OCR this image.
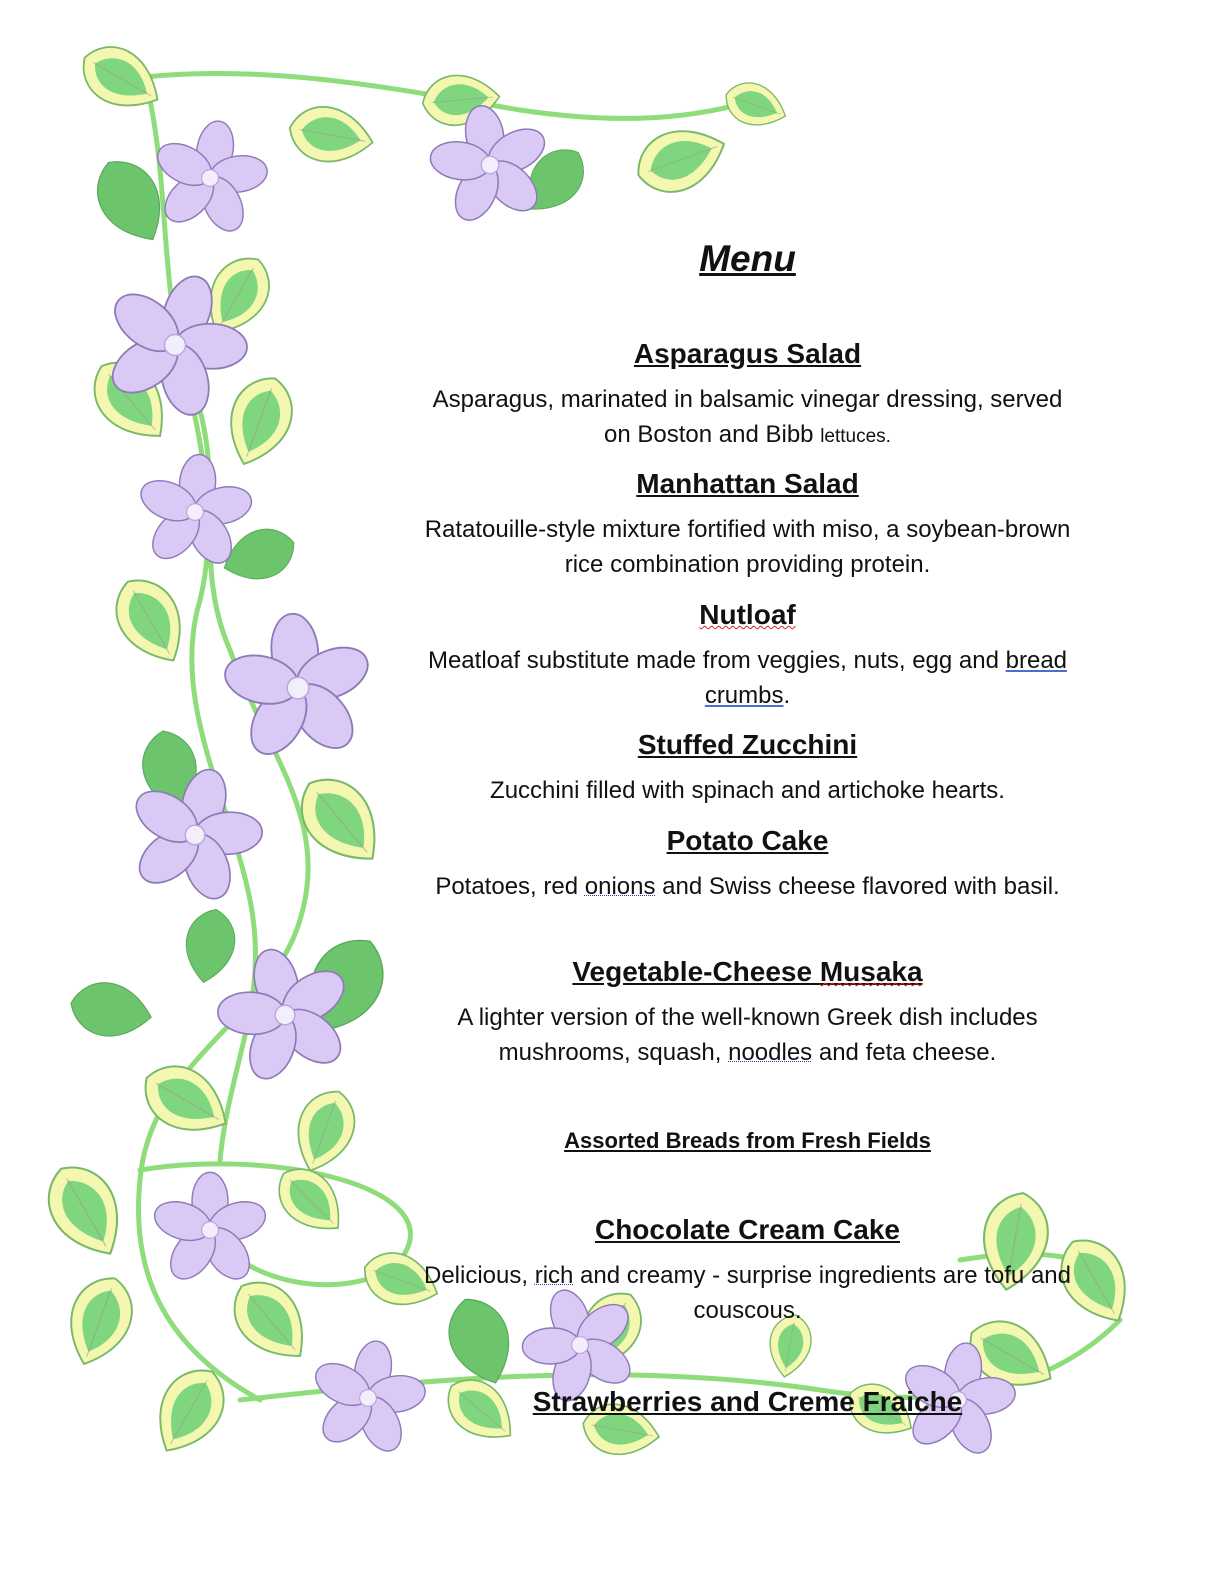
Menu

Asparagus Salad

Asparagus, marinated in balsamic vinegar dressing, served on Boston and Bibb lettuces.

Manhattan Salad

Ratatouille-style mixture fortified with miso, a soybean-brown rice combination providing protein.

Nutloaf

Meatloaf substitute made from veggies, nuts, egg and bread crumbs.

Stuffed Zucchini

Zucchini filled with spinach and artichoke hearts.

Potato Cake

Potatoes, red onions and Swiss cheese flavored with basil.

Vegetable-Cheese Musaka

A lighter version of the well-known Greek dish includes mushrooms, squash, noodles and feta cheese.

Assorted Breads from Fresh Fields

Chocolate Cream Cake

Delicious, rich and creamy - surprise ingredients are tofu and couscous.

Strawberries and Creme Fraiche
